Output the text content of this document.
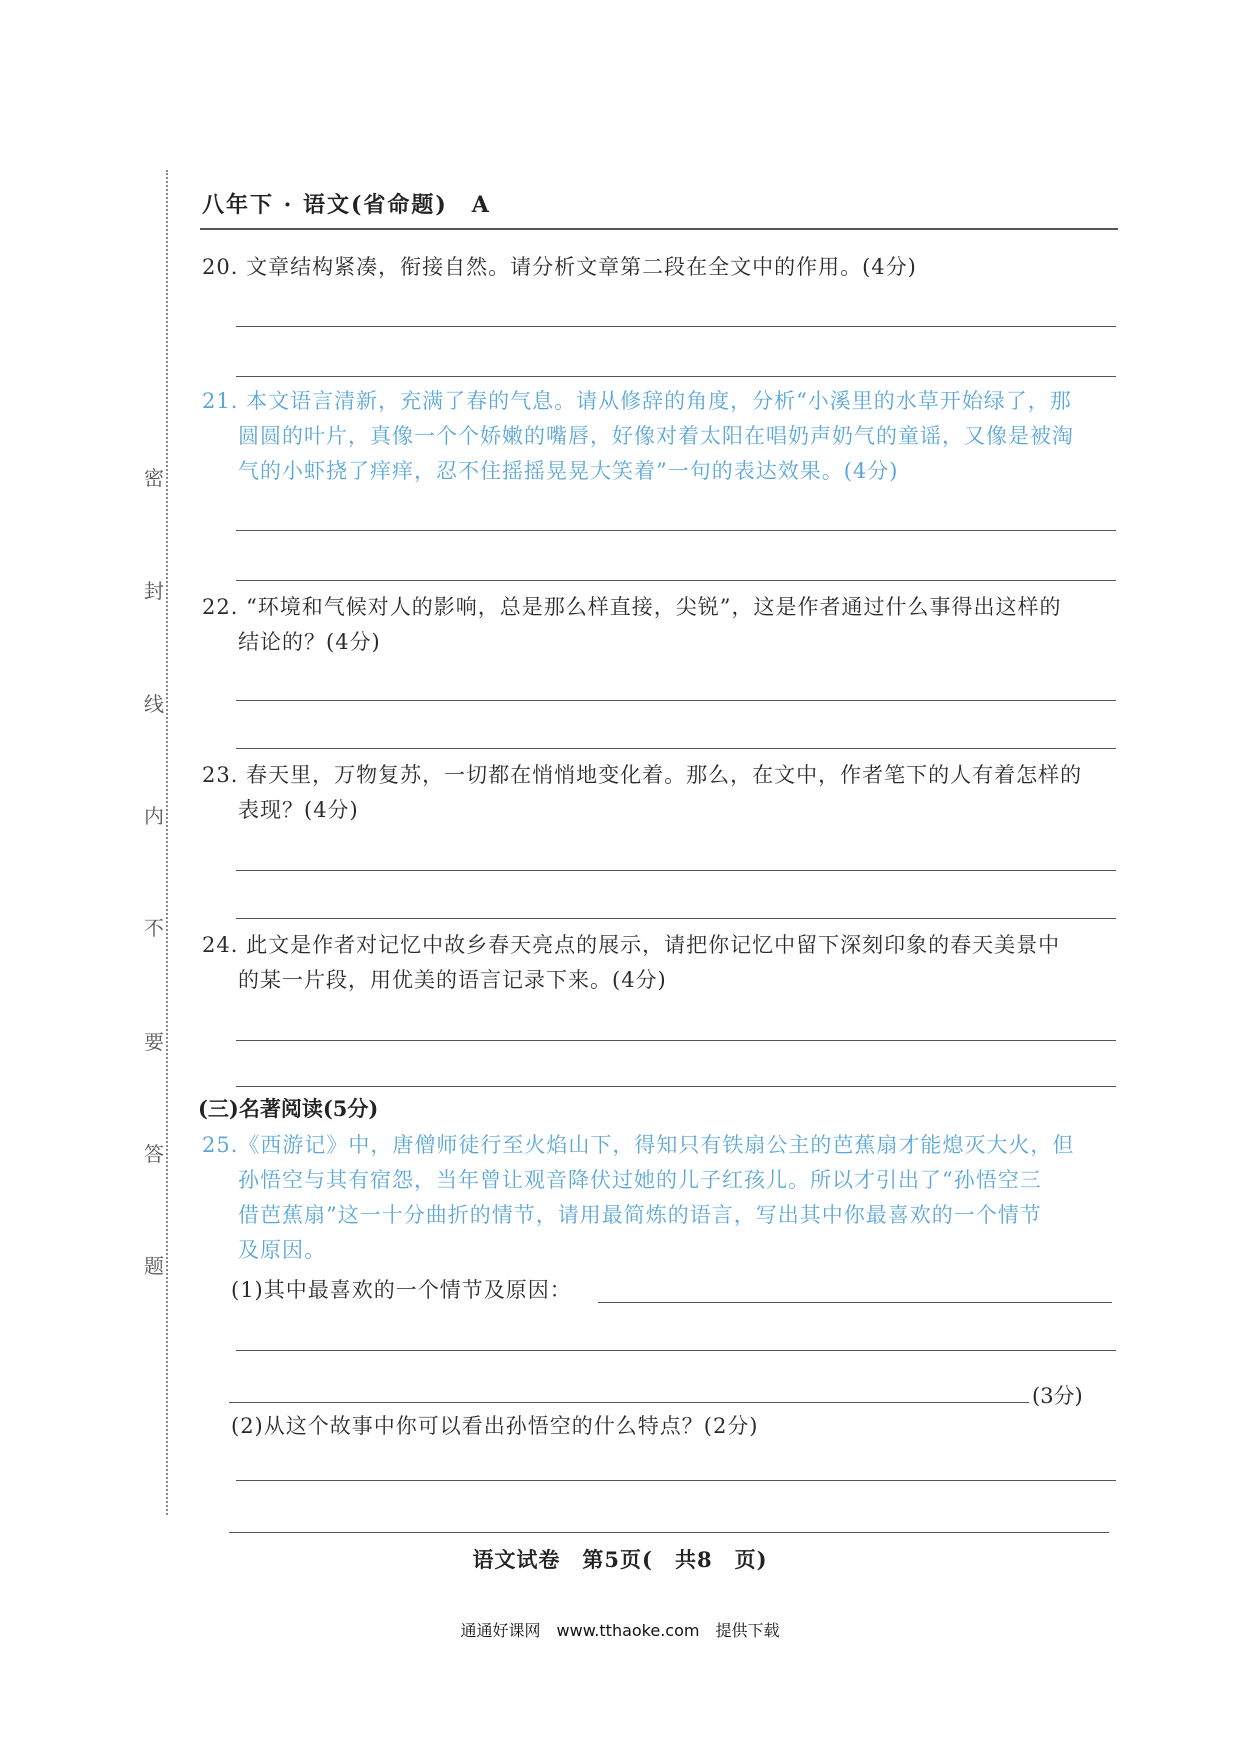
密
封
线
内
不
要
答
题
八年下 · 语文(省命题)　A
20. 文章结构紧凑，衔接自然。请分析文章第二段在全文中的作用。(4分)
21. 本文语言清新，充满了春的气息。请从修辞的角度，分析“小溪里的水草开始绿了，那
圆圆的叶片，真像一个个娇嫩的嘴唇，好像对着太阳在唱奶声奶气的童谣，又像是被淘
气的小虾挠了痒痒，忍不住摇摇晃晃大笑着”一句的表达效果。(4分)
22. “环境和气候对人的影响，总是那么样直接，尖锐”，这是作者通过什么事得出这样的
结论的？(4分)
23. 春天里，万物复苏，一切都在悄悄地变化着。那么，在文中，作者笔下的人有着怎样的
表现？(4分)
24. 此文是作者对记忆中故乡春天亮点的展示，请把你记忆中留下深刻印象的春天美景中
的某一片段，用优美的语言记录下来。(4分)
(三)名著阅读(5分)
25.《西游记》中，唐僧师徒行至火焰山下，得知只有铁扇公主的芭蕉扇才能熄灭大火，但
孙悟空与其有宿怨，当年曾让观音降伏过她的儿子红孩儿。所以才引出了“孙悟空三
借芭蕉扇”这一十分曲折的情节，请用最简炼的语言，写出其中你最喜欢的一个情节
及原因。
(1)其中最喜欢的一个情节及原因：
(3分)
(2)从这个故事中你可以看出孙悟空的什么特点？(2分)
语文试卷　第5页(　共8　页)
通通好课网　www.tthaoke.com　提供下载
